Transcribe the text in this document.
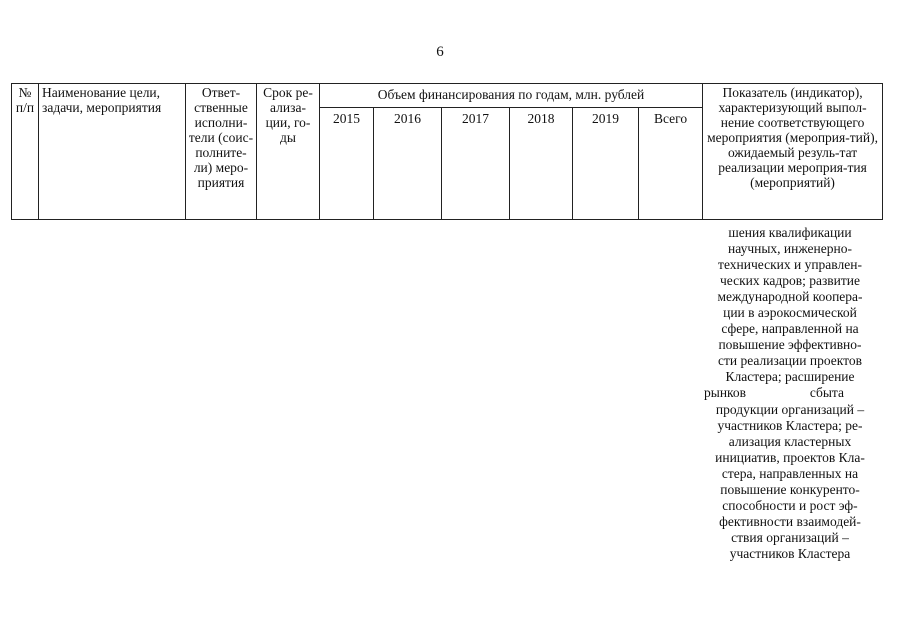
6
№ п/п	Наименование цели, задачи, мероприятия	Ответ-ственные исполни-тели (соис-полните-ли) меро-приятия	Срок ре-ализа-ции, го-ды	Объем финансирования по годам, млн. рублей						Показатель (индикатор), характеризующий выпол-нение соответствующего мероприятия (мероприя-тий), ожидаемый резуль-тат реализации мероприя-тия (мероприятий)
				2015	2016	2017	2018	2019	Всего	
шения квалификации
научных, инженерно-
технических и управлен-
ческих кадров; развитие
международной коопера-
ции в аэрокосмической
сфере, направленной на
повышение эффективно-
сти реализации проектов
Кластера; расширение
рынков сбыта
продукции организаций –
участников Кластера; ре-
ализация кластерных
инициатив, проектов Кла-
стера, направленных на
повышение конкуренто-
способности и рост эф-
фективности взаимодей-
ствия организаций –
участников Кластера
